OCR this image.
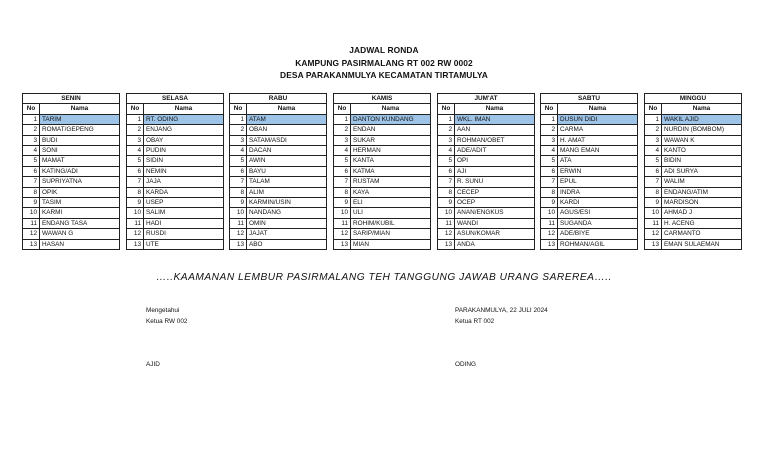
JADWAL RONDA
KAMPUNG PASIRMALANG RT 002 RW 0002
DESA PARAKANMULYA KECAMATAN TIRTAMULYA
SENIN	
No	Nama
1	TARIM
2	ROMAT/GEPENG
3	BUDI
4	SONI
5	MAMAT
6	KATING/ADI
7	SUPRIYATNA
8	OPIK
9	TASIM
10	KARMI
11	ENDANG TASA
12	WAWAN G
13	HASAN
SELASA	
No	Nama
1	RT. ODING
2	ENJANG
3	OBAY
4	PUDIN
5	SIDIN
6	NEMIN
7	JAJA
8	KARDA
9	USEP
10	SALIM
11	HADI
12	RUSDI
13	UTE
RABU	
No	Nama
1	ATAM
2	OBAN
3	SATAM/ASDI
4	DACAN
5	AWIN
6	BAYU
7	TALAM
8	ALIM
9	KARMIN/USIN
10	NANDANG
11	OMIN
12	JAJAT
13	ABO
KAMIS	
No	Nama
1	DANTON KUNDANG
2	ENDAN
3	SUKAR
4	HERMAN
5	KANTA
6	KATMA
7	RUSTAM
8	KAYA
9	ELI
10	ULI
11	ROHIM/KUBIL
12	SARIP/MIAN
13	MIAN
JUM'AT	
No	Nama
1	WKL. IMAN
2	AAN
3	ROHMAN/OBET
4	ADE/ADIT
5	OPI
6	AJI
7	R. SUNU
8	CECEP
9	OCEP
10	ANAN/ENGKUS
11	WANDI
12	ASUN/KOMAR
13	ANDA
SABTU	
No	Nama
1	DUSUN DIDI
2	CARMA
3	H. AMAT
4	MANG EMAN
5	ATA
6	ERWIN
7	EPUL
8	INDRA
9	KARDI
10	AGUS/ESI
11	SUGANDA
12	ADE/BIYE
13	ROHMAN/AGIL
MINGGU	
No	Nama
1	WAKIL AJID
2	NURDIN (BOMBOM)
3	WAWAN K
4	KANTO
5	BIDIN
6	ADI SURYA
7	WALIM
8	ENDANG/ATIM
9	MARDISON
10	AHMAD J
11	H. ACENG
12	CARMANTO
13	EMAN SULAEMAN
…..KAAMANAN LEMBUR PASIRMALANG TEH TANGGUNG JAWAB URANG SAREREA…..
Mengetahui
Ketua RW 002
AJID
PARAKANMULYA, 22 JULI 2024
Ketua RT 002
ODING
